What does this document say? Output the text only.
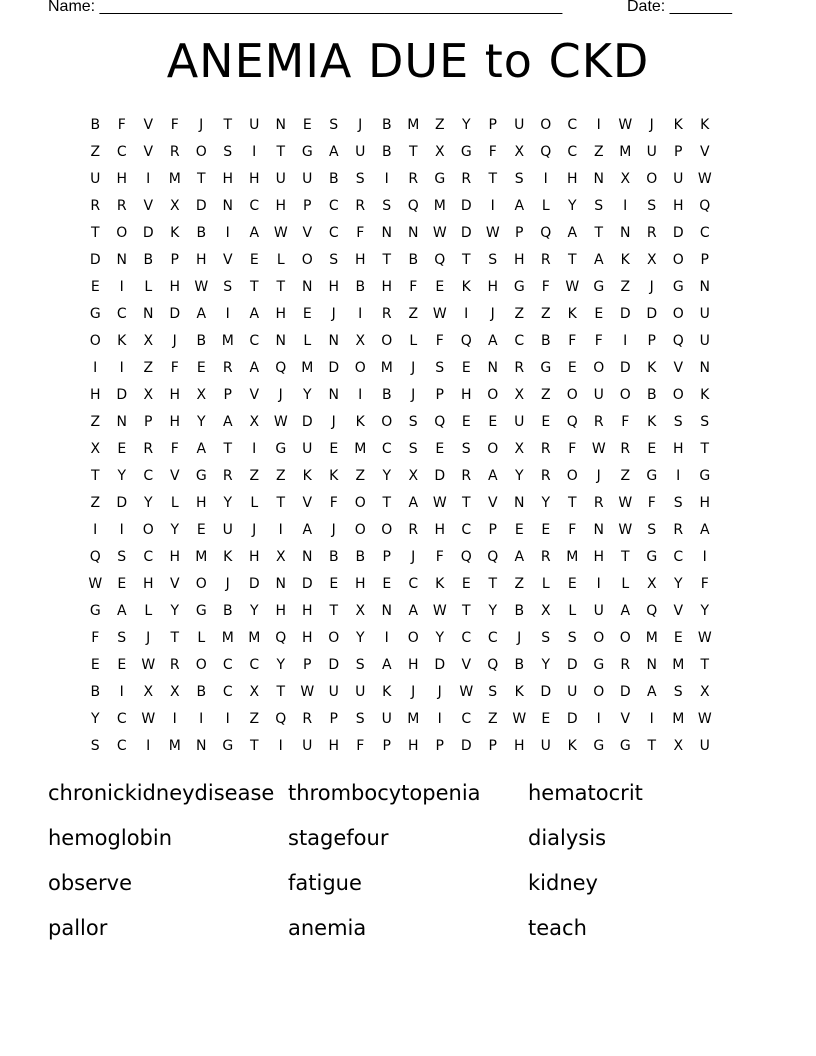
Name: ____________________________________________________	Date: _______
ANEMIA DUE to CKD
B	F	V	F	J	T	U	N	E	S	J	B	M	Z	Y	P	U	O	C	I	W	J	K	K
Z	C	V	R	O	S	I	T	G	A	U	B	T	X	G	F	X	Q	C	Z	M	U	P	V
U	H	I	M	T	H	H	U	U	B	S	I	R	G	R	T	S	I	H	N	X	O	U	W
R	R	V	X	D	N	C	H	P	C	R	S	Q	M	D	I	A	L	Y	S	I	S	H	Q
T	O	D	K	B	I	A	W	V	C	F	N	N	W	D	W	P	Q	A	T	N	R	D	C
D	N	B	P	H	V	E	L	O	S	H	T	B	Q	T	S	H	R	T	A	K	X	O	P
E	I	L	H	W	S	T	T	N	H	B	H	F	E	K	H	G	F	W	G	Z	J	G	N
G	C	N	D	A	I	A	H	E	J	I	R	Z	W	I	J	Z	Z	K	E	D	D	O	U
O	K	X	J	B	M	C	N	L	N	X	O	L	F	Q	A	C	B	F	F	I	P	Q	U
I	I	Z	F	E	R	A	Q	M	D	O	M	J	S	E	N	R	G	E	O	D	K	V	N
H	D	X	H	X	P	V	J	Y	N	I	B	J	P	H	O	X	Z	O	U	O	B	O	K
Z	N	P	H	Y	A	X	W	D	J	K	O	S	Q	E	E	U	E	Q	R	F	K	S	S
X	E	R	F	A	T	I	G	U	E	M	C	S	E	S	O	X	R	F	W	R	E	H	T
T	Y	C	V	G	R	Z	Z	K	K	Z	Y	X	D	R	A	Y	R	O	J	Z	G	I	G
Z	D	Y	L	H	Y	L	T	V	F	O	T	A	W	T	V	N	Y	T	R	W	F	S	H
I	I	O	Y	E	U	J	I	A	J	O	O	R	H	C	P	E	E	F	N	W	S	R	A
Q	S	C	H	M	K	H	X	N	B	B	P	J	F	Q	Q	A	R	M	H	T	G	C	I
W	E	H	V	O	J	D	N	D	E	H	E	C	K	E	T	Z	L	E	I	L	X	Y	F
G	A	L	Y	G	B	Y	H	H	T	X	N	A	W	T	Y	B	X	L	U	A	Q	V	Y
F	S	J	T	L	M	M	Q	H	O	Y	I	O	Y	C	C	J	S	S	O	O	M	E	W
E	E	W	R	O	C	C	Y	P	D	S	A	H	D	V	Q	B	Y	D	G	R	N	M	T
B	I	X	X	B	C	X	T	W	U	U	K	J	J	W	S	K	D	U	O	D	A	S	X
Y	C	W	I	I	I	Z	Q	R	P	S	U	M	I	C	Z	W	E	D	I	V	I	M W
S	C	I	M	N	G	T	I	U	H	F	P	H	P	D	P	H	U	K	G	G	T	X	U
chronickidneydisease thrombocytopenia	hematocrit
hemoglobin	stagefour	dialysis
observe	fatigue	kidney
pallor	anemia	teach
